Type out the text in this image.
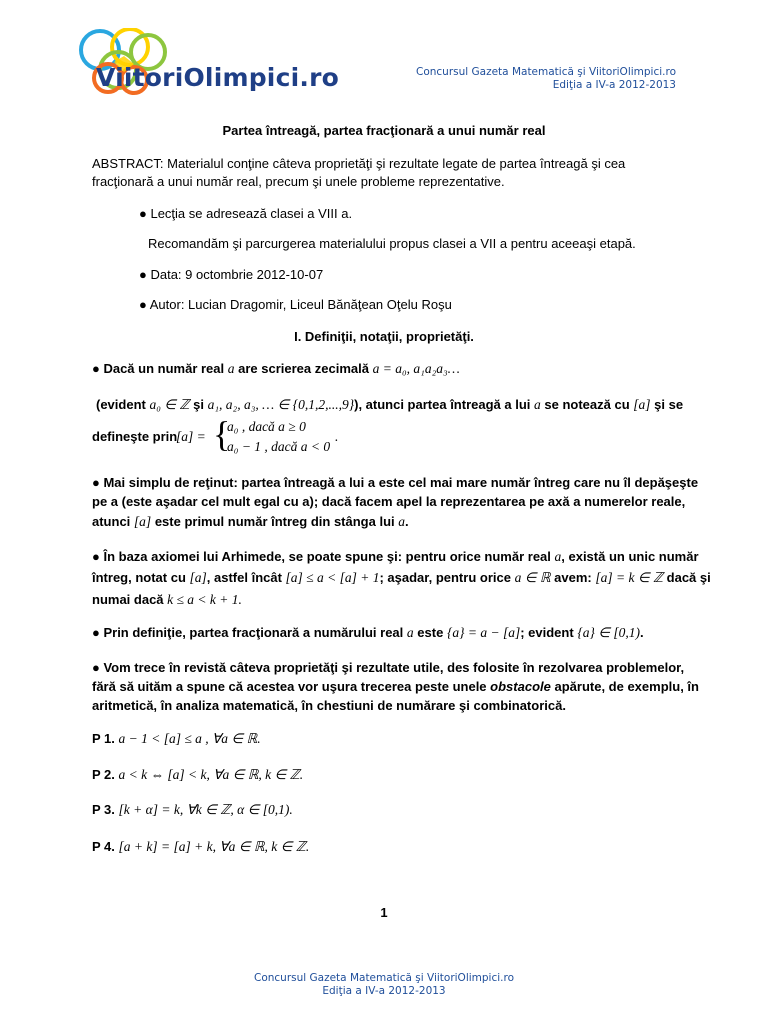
ViitoriOlimpici.ro	Concursul Gazeta Matematică şi ViitoriOlimpici.ro
Ediţia a IV-a 2012-2013
Partea întreagă, partea fracţionară a unui număr real
ABSTRACT: Materialul conţine câteva proprietăţi şi rezultate legate de partea întreagă şi cea
fracţionară a unui număr real, precum şi unele probleme reprezentative.
● Lecţia se adresează clasei a VIII a.
Recomandăm şi parcurgerea materialului propus clasei a VII a pentru aceeaşi etapă.
● Data: 9 octombrie 2012-10-07
● Autor: Lucian Dragomir, Liceul Bănăţean Oţelu Roşu
I. Definiţii, notaţii, proprietăţi.
● Dacă un număr real a are scrierea zecimală a = a₀, a₁a₂a₃…
(evident a₀ ∈ ℤ şi a₁, a₂, a₃, … ∈ {0,1,2,...,9}), atunci partea întreagă a lui a se notează cu [a] şi se
defineşte prin
[a] = {
a₀ , dacă a ≥ 0
a₀ − 1 , dacă a < 0
.
● Mai simplu de reţinut: partea întreagă a lui a este cel mai mare număr întreg care nu îl depăşeşte
pe a (este aşadar cel mult egal cu a); dacă facem apel la reprezentarea pe axă a numerelor reale,
atunci [a] este primul număr întreg din stânga lui a.
● În baza axiomei lui Arhimede, se poate spune şi: pentru orice număr real a, există un unic număr
întreg, notat cu [a], astfel încât [a] ≤ a < [a] + 1; aşadar, pentru orice a ∈ ℝ avem: [a] = k ∈ ℤ dacă şi
numai dacă k ≤ a < k + 1.
● Prin definiţie, partea fracţionară a numărului real a este {a} = a − [a]; evident {a} ∈ [0,1).
● Vom trece în revistă câteva proprietăţi şi rezultate utile, des folosite în rezolvarea problemelor,
fără să uităm a spune că acestea vor uşura trecerea peste unele obstacole apărute, de exemplu, în
aritmetică, în analiza matematică, în chestiuni de numărare şi combinatorică.
P 1. a − 1 < [a] ≤ a , ∀a ∈ ℝ.
P 2. a < k ⇔ [a] < k, ∀a ∈ ℝ, k ∈ ℤ.
P 3. [k + α] = k, ∀k ∈ ℤ, α ∈ [0,1).
P 4. [a + k] = [a] + k, ∀a ∈ ℝ, k ∈ ℤ.
1
Concursul Gazeta Matematică şi ViitoriOlimpici.ro
Ediţia a IV-a 2012-2013
